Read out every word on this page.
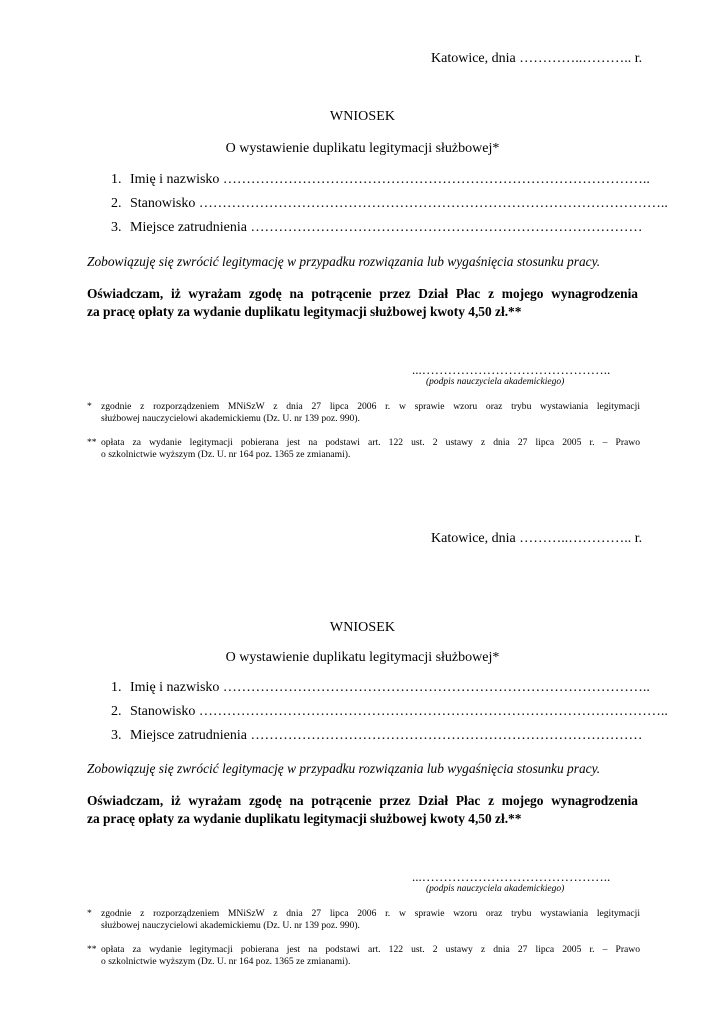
Katowice, dnia …………..……….. r.
WNIOSEK
O wystawienie duplikatu legitymacji służbowej*
1. Imię i nazwisko ………………………………………………………………………………..
2. Stanowisko ………………………………………………………………………………………..
3. Miejsce zatrudnienia …………………………………………………………………………
Zobowiązuję się zwrócić legitymację w przypadku rozwiązania lub wygaśnięcia stosunku pracy.
Oświadczam, iż wyrażam zgodę na potrącenie przez Dział Płac z mojego wynagrodzenia
za pracę opłaty za wydanie duplikatu legitymacji służbowej kwoty 4,50 zł.**
...……………………………………..
(podpis nauczyciela akademickiego)
* zgodnie z rozporządzeniem MNiSzW z dnia 27 lipca 2006 r. w sprawie wzoru oraz trybu wystawiania legitymacji
służbowej nauczycielowi akademickiemu (Dz. U. nr 139 poz. 990).
** opłata za wydanie legitymacji pobierana jest na podstawi art. 122 ust. 2 ustawy z dnia 27 lipca 2005 r. – Prawo
o szkolnictwie wyższym (Dz. U. nr 164 poz. 1365 ze zmianami).
Katowice, dnia ………..………….. r.
WNIOSEK
O wystawienie duplikatu legitymacji służbowej*
1. Imię i nazwisko ………………………………………………………………………………..
2. Stanowisko ………………………………………………………………………………………..
3. Miejsce zatrudnienia …………………………………………………………………………
Zobowiązuję się zwrócić legitymację w przypadku rozwiązania lub wygaśnięcia stosunku pracy.
Oświadczam, iż wyrażam zgodę na potrącenie przez Dział Płac z mojego wynagrodzenia
za pracę opłaty za wydanie duplikatu legitymacji służbowej kwoty 4,50 zł.**
...……………………………………..
(podpis nauczyciela akademickiego)
* zgodnie z rozporządzeniem MNiSzW z dnia 27 lipca 2006 r. w sprawie wzoru oraz trybu wystawiania legitymacji
służbowej nauczycielowi akademickiemu (Dz. U. nr 139 poz. 990).
** opłata za wydanie legitymacji pobierana jest na podstawi art. 122 ust. 2 ustawy z dnia 27 lipca 2005 r. – Prawo
o szkolnictwie wyższym (Dz. U. nr 164 poz. 1365 ze zmianami).
